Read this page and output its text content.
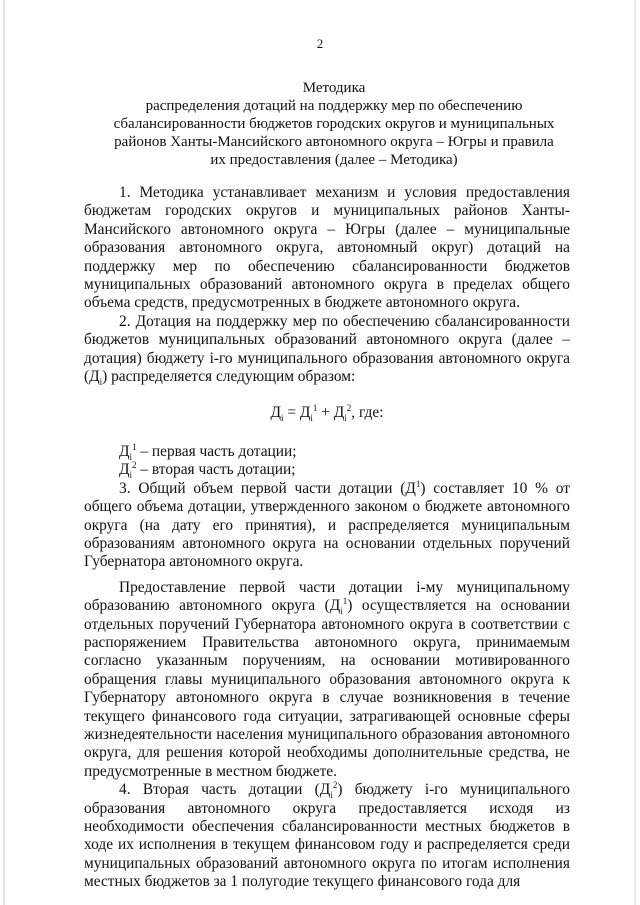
2
Методика
распределения дотаций на поддержку мер по обеспечению
сбалансированности бюджетов городских округов и муниципальных
районов Ханты-Мансийского автономного округа – Югры и правила
их предоставления (далее – Методика)

1. Методика устанавливает механизм и условия предоставления бюджетам городских округов и муниципальных районов Ханты-Мансийского автономного округа – Югры (далее – муниципальные образования автономного округа, автономный округ) дотаций на поддержку мер по обеспечению сбалансированности бюджетов муниципальных образований автономного округа в пределах общего объема средств, предусмотренных в бюджете автономного округа.

2. Дотация на поддержку мер по обеспечению сбалансированности бюджетов муниципальных образований автономного округа (далее – дотация) бюджету i-го муниципального образования автономного округа $(Д_i)$ распределяется следующим образом:

$Д_i = Д_i^1 + Д_i^2$, где:

$Д_i^1$ – первая часть дотации;

$Д_i^2$ – вторая часть дотации;

3. Общий объем первой части дотации $(Д^1)$ составляет 10 % от общего объема дотации, утвержденного законом о бюджете автономного округа (на дату его принятия), и распределяется муниципальным образованиям автономного округа на основании отдельных поручений Губернатора автономного округа.

Предоставление первой части дотации i-му муниципальному образованию автономного округа $(Д_i^1)$ осуществляется на основании отдельных поручений Губернатора автономного округа в соответствии с распоряжением Правительства автономного округа, принимаемым согласно указанным поручениям, на основании мотивированного обращения главы муниципального образования автономного округа к Губернатору автономного округа в случае возникновения в течение текущего финансового года ситуации, затрагивающей основные сферы жизнедеятельности населения муниципального образования автономного округа, для решения которой необходимы дополнительные средства, не предусмотренные в местном бюджете.

4. Вторая часть дотации $(Д_i^2)$ бюджету i-го муниципального образования автономного округа предоставляется исходя из необходимости обеспечения сбалансированности местных бюджетов в ходе их исполнения в текущем финансовом году и распределяется среди муниципальных образований автономного округа по итогам исполнения местных бюджетов за 1 полугодие текущего финансового года для
